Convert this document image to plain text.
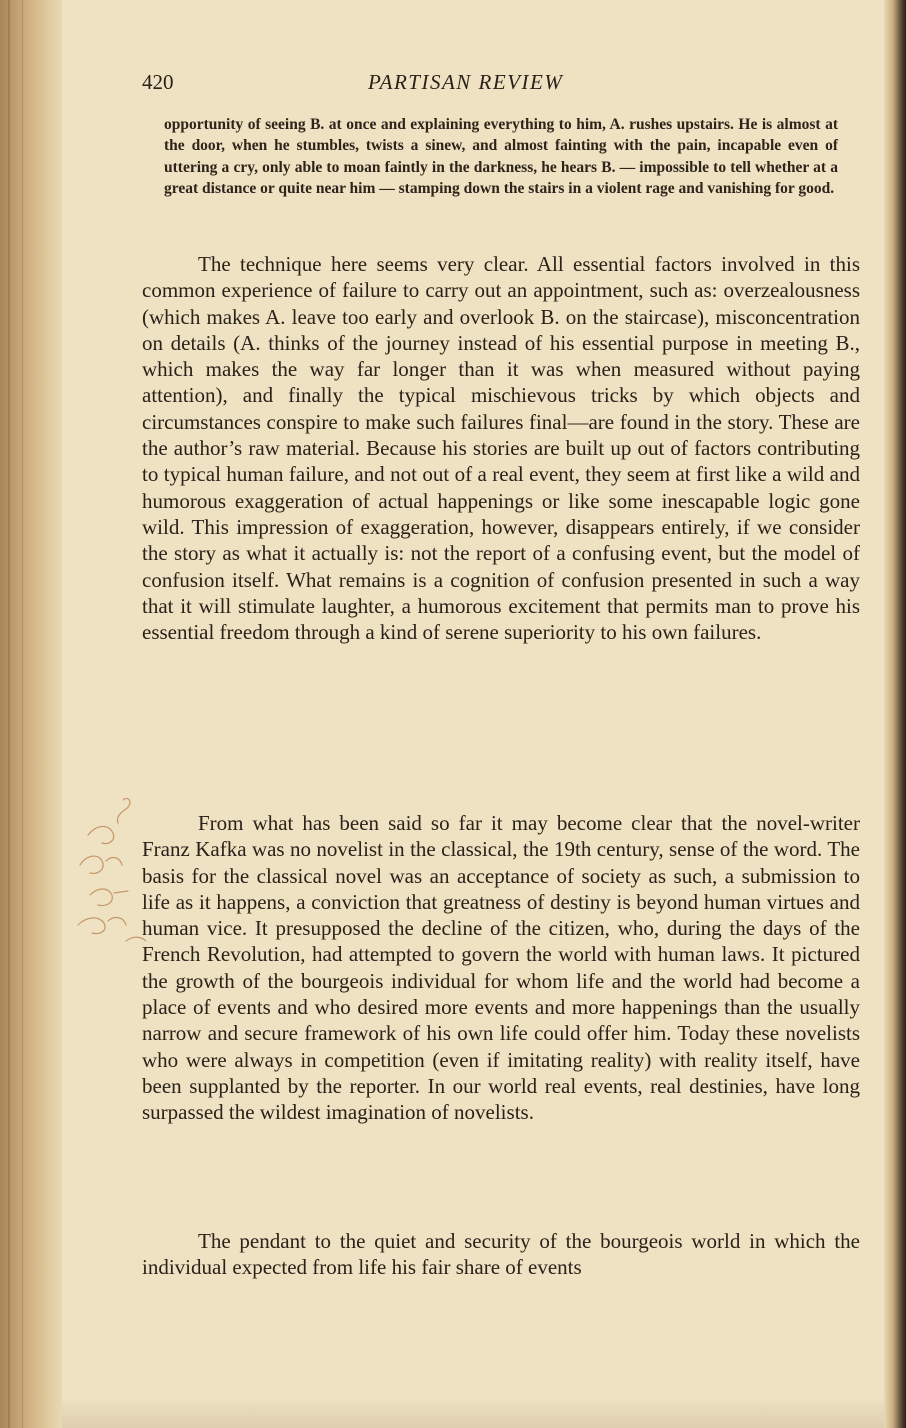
420	PARTISAN REVIEW
opportunity of seeing B. at once and explaining everything to him, A. rushes upstairs. He is almost at the door, when he stumbles, twists a sinew, and almost fainting with the pain, incapable even of uttering a cry, only able to moan faintly in the darkness, he hears B. — impossible to tell whether at a great distance or quite near him — stamping down the stairs in a violent rage and vanishing for good.
The technique here seems very clear. All essential factors involved in this common experience of failure to carry out an appointment, such as: overzealousness (which makes A. leave too early and overlook B. on the staircase), misconcentration on details (A. thinks of the journey instead of his essential purpose in meeting B., which makes the way far longer than it was when measured without paying attention), and finally the typical mischievous tricks by which objects and circumstances conspire to make such failures final—are found in the story. These are the author’s raw material. Because his stories are built up out of factors contributing to typical human failure, and not out of a real event, they seem at first like a wild and humorous exaggeration of actual happenings or like some inescapable logic gone wild. This impression of exaggeration, however, disappears entirely, if we consider the story as what it actually is: not the report of a confusing event, but the model of confusion itself. What remains is a cognition of confusion presented in such a way that it will stimulate laughter, a humorous excitement that permits man to prove his essential freedom through a kind of serene superiority to his own failures.
From what has been said so far it may become clear that the novel-writer Franz Kafka was no novelist in the classical, the 19th century, sense of the word. The basis for the classical novel was an acceptance of society as such, a submission to life as it happens, a conviction that greatness of destiny is beyond human virtues and human vice. It presupposed the decline of the citizen, who, during the days of the French Revolution, had attempted to govern the world with human laws. It pictured the growth of the bourgeois individual for whom life and the world had become a place of events and who desired more events and more happenings than the usually narrow and secure framework of his own life could offer him. Today these novelists who were always in competition (even if imitating reality) with reality itself, have been supplanted by the reporter. In our world real events, real destinies, have long surpassed the wildest imagination of novelists.
The pendant to the quiet and security of the bourgeois world in which the individual expected from life his fair share of events
